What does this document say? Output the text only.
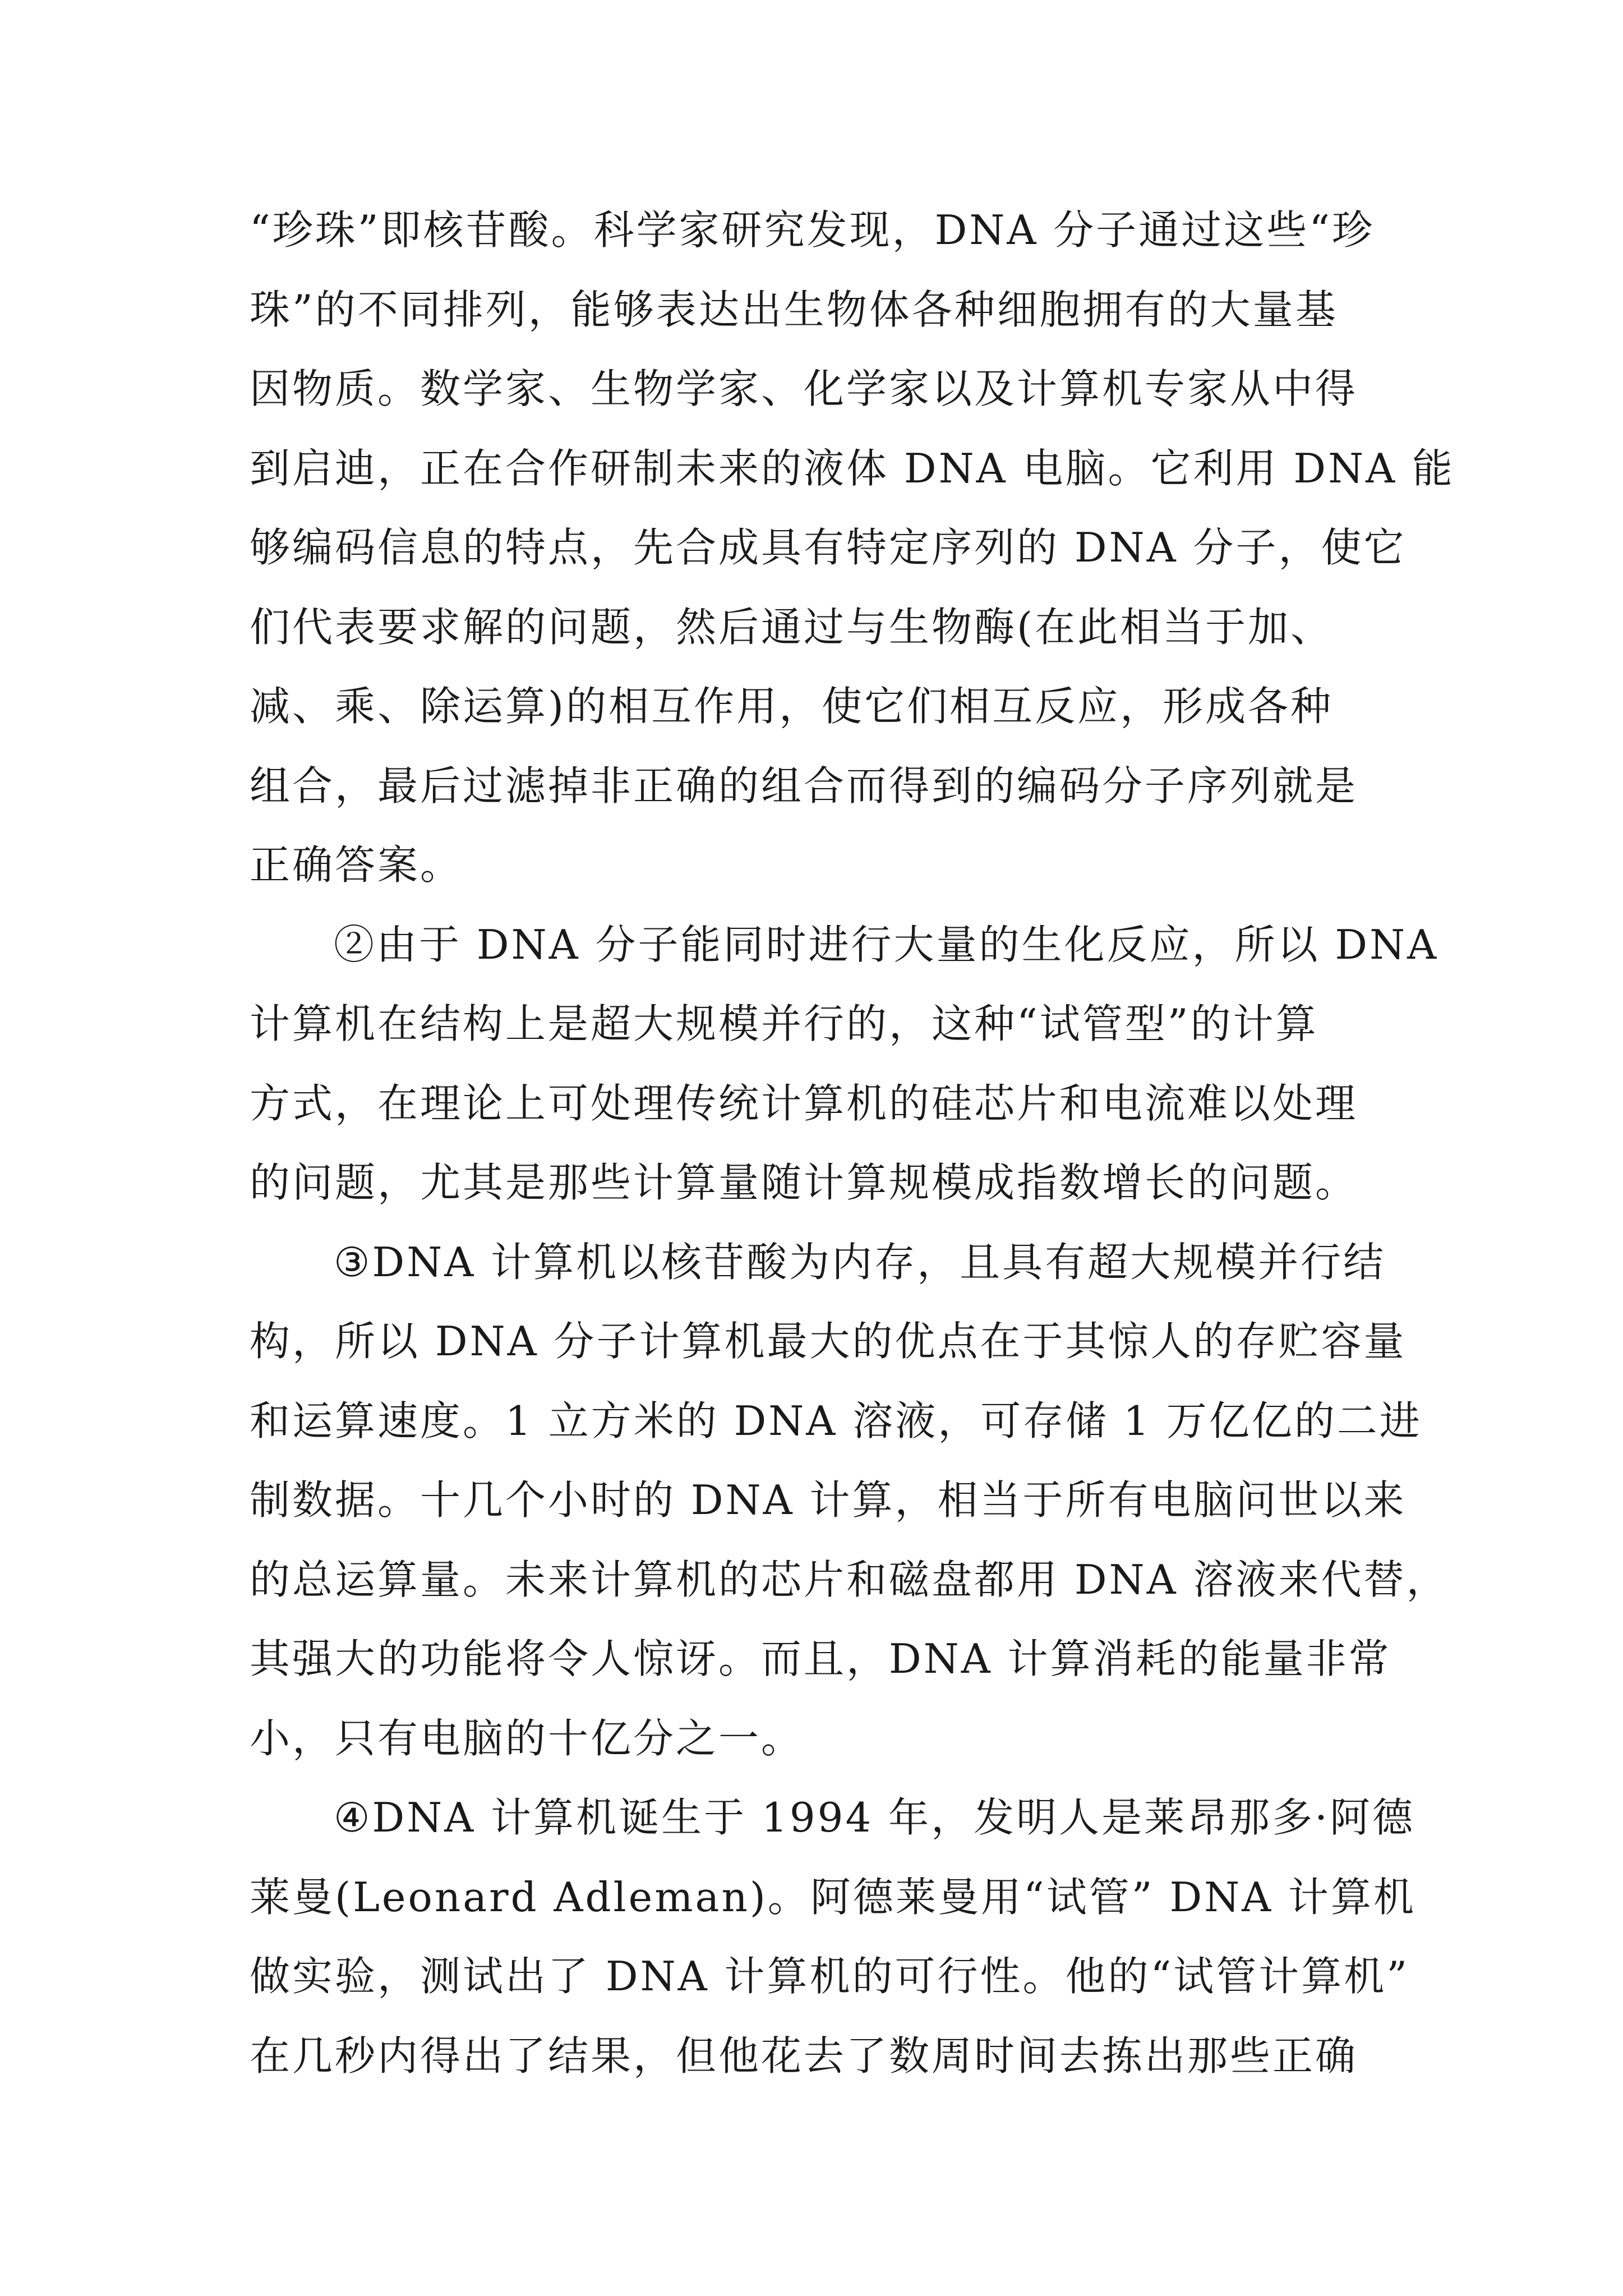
“珍珠”即核苷酸。科学家研究发现，DNA 分子通过这些“珍
珠”的不同排列，能够表达出生物体各种细胞拥有的大量基
因物质。数学家、生物学家、化学家以及计算机专家从中得
到启迪，正在合作研制未来的液体 DNA 电脑。它利用 DNA 能
够编码信息的特点，先合成具有特定序列的 DNA 分子，使它
们代表要求解的问题，然后通过与生物酶(在此相当于加、
减、乘、除运算)的相互作用，使它们相互反应，形成各种
组合，最后过滤掉非正确的组合而得到的编码分子序列就是
正确答案。
②由于 DNA 分子能同时进行大量的生化反应，所以 DNA
计算机在结构上是超大规模并行的，这种“试管型”的计算
方式，在理论上可处理传统计算机的硅芯片和电流难以处理
的问题，尤其是那些计算量随计算规模成指数增长的问题。
③DNA 计算机以核苷酸为内存，且具有超大规模并行结
构，所以 DNA 分子计算机最大的优点在于其惊人的存贮容量
和运算速度。1 立方米的 DNA 溶液，可存储 1 万亿亿的二进
制数据。十几个小时的 DNA 计算，相当于所有电脑问世以来
的总运算量。未来计算机的芯片和磁盘都用 DNA 溶液来代替，
其强大的功能将令人惊讶。而且，DNA 计算消耗的能量非常
小，只有电脑的十亿分之一。
④DNA 计算机诞生于 1994 年，发明人是莱昂那多·阿德
莱曼(Leonard Adleman)。阿德莱曼用“试管” DNA 计算机
做实验，测试出了 DNA 计算机的可行性。他的“试管计算机”
在几秒内得出了结果，但他花去了数周时间去拣出那些正确
